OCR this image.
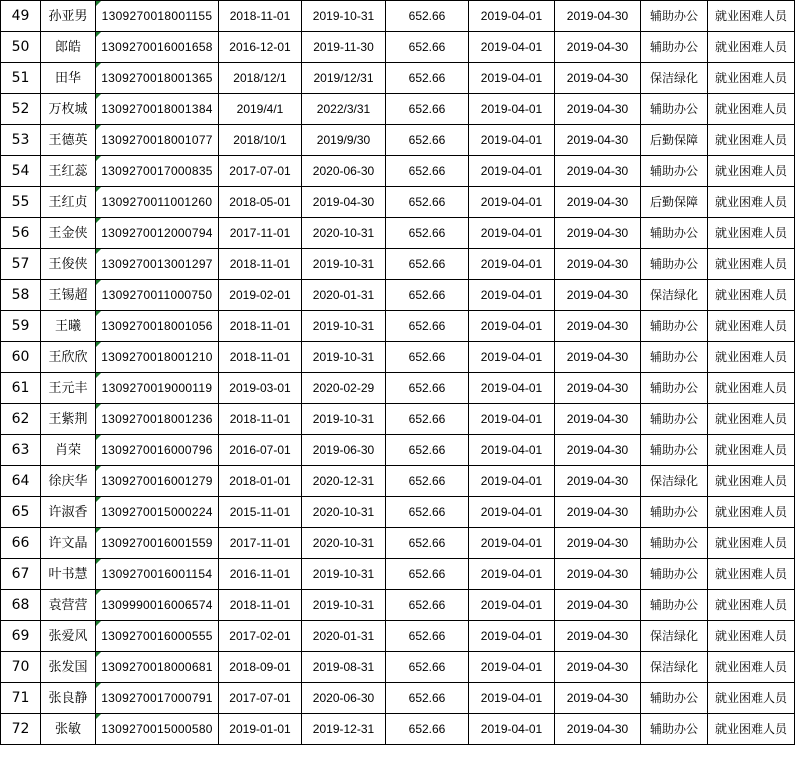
49	孙亚男	1309270018001155	2018-11-01	2019-10-31	652.66	2019-04-01	2019-04-30	辅助办公	就业困难人员
50	郎皓	1309270016001658	2016-12-01	2019-11-30	652.66	2019-04-01	2019-04-30	辅助办公	就业困难人员
51	田华	1309270018001365	2018/12/1	2019/12/31	652.66	2019-04-01	2019-04-30	保洁绿化	就业困难人员
52	万枚城	1309270018001384	2019/4/1	2022/3/31	652.66	2019-04-01	2019-04-30	辅助办公	就业困难人员
53	王德英	1309270018001077	2018/10/1	2019/9/30	652.66	2019-04-01	2019-04-30	后勤保障	就业困难人员
54	王红蕊	1309270017000835	2017-07-01	2020-06-30	652.66	2019-04-01	2019-04-30	辅助办公	就业困难人员
55	王红贞	1309270011001260	2018-05-01	2019-04-30	652.66	2019-04-01	2019-04-30	后勤保障	就业困难人员
56	王金侠	1309270012000794	2017-11-01	2020-10-31	652.66	2019-04-01	2019-04-30	辅助办公	就业困难人员
57	王俊侠	1309270013001297	2018-11-01	2019-10-31	652.66	2019-04-01	2019-04-30	辅助办公	就业困难人员
58	王锡超	1309270011000750	2019-02-01	2020-01-31	652.66	2019-04-01	2019-04-30	保洁绿化	就业困难人员
59	王曦	1309270018001056	2018-11-01	2019-10-31	652.66	2019-04-01	2019-04-30	辅助办公	就业困难人员
60	王欣欣	1309270018001210	2018-11-01	2019-10-31	652.66	2019-04-01	2019-04-30	辅助办公	就业困难人员
61	王元丰	1309270019000119	2019-03-01	2020-02-29	652.66	2019-04-01	2019-04-30	辅助办公	就业困难人员
62	王紫荆	1309270018001236	2018-11-01	2019-10-31	652.66	2019-04-01	2019-04-30	辅助办公	就业困难人员
63	肖荣	1309270016000796	2016-07-01	2019-06-30	652.66	2019-04-01	2019-04-30	辅助办公	就业困难人员
64	徐庆华	1309270016001279	2018-01-01	2020-12-31	652.66	2019-04-01	2019-04-30	保洁绿化	就业困难人员
65	许淑香	1309270015000224	2015-11-01	2020-10-31	652.66	2019-04-01	2019-04-30	辅助办公	就业困难人员
66	许文晶	1309270016001559	2017-11-01	2020-10-31	652.66	2019-04-01	2019-04-30	辅助办公	就业困难人员
67	叶书慧	1309270016001154	2016-11-01	2019-10-31	652.66	2019-04-01	2019-04-30	辅助办公	就业困难人员
68	袁营营	1309990016006574	2018-11-01	2019-10-31	652.66	2019-04-01	2019-04-30	辅助办公	就业困难人员
69	张爱风	1309270016000555	2017-02-01	2020-01-31	652.66	2019-04-01	2019-04-30	保洁绿化	就业困难人员
70	张发国	1309270018000681	2018-09-01	2019-08-31	652.66	2019-04-01	2019-04-30	保洁绿化	就业困难人员
71	张良静	1309270017000791	2017-07-01	2020-06-30	652.66	2019-04-01	2019-04-30	辅助办公	就业困难人员
72	张敏	1309270015000580	2019-01-01	2019-12-31	652.66	2019-04-01	2019-04-30	辅助办公	就业困难人员
